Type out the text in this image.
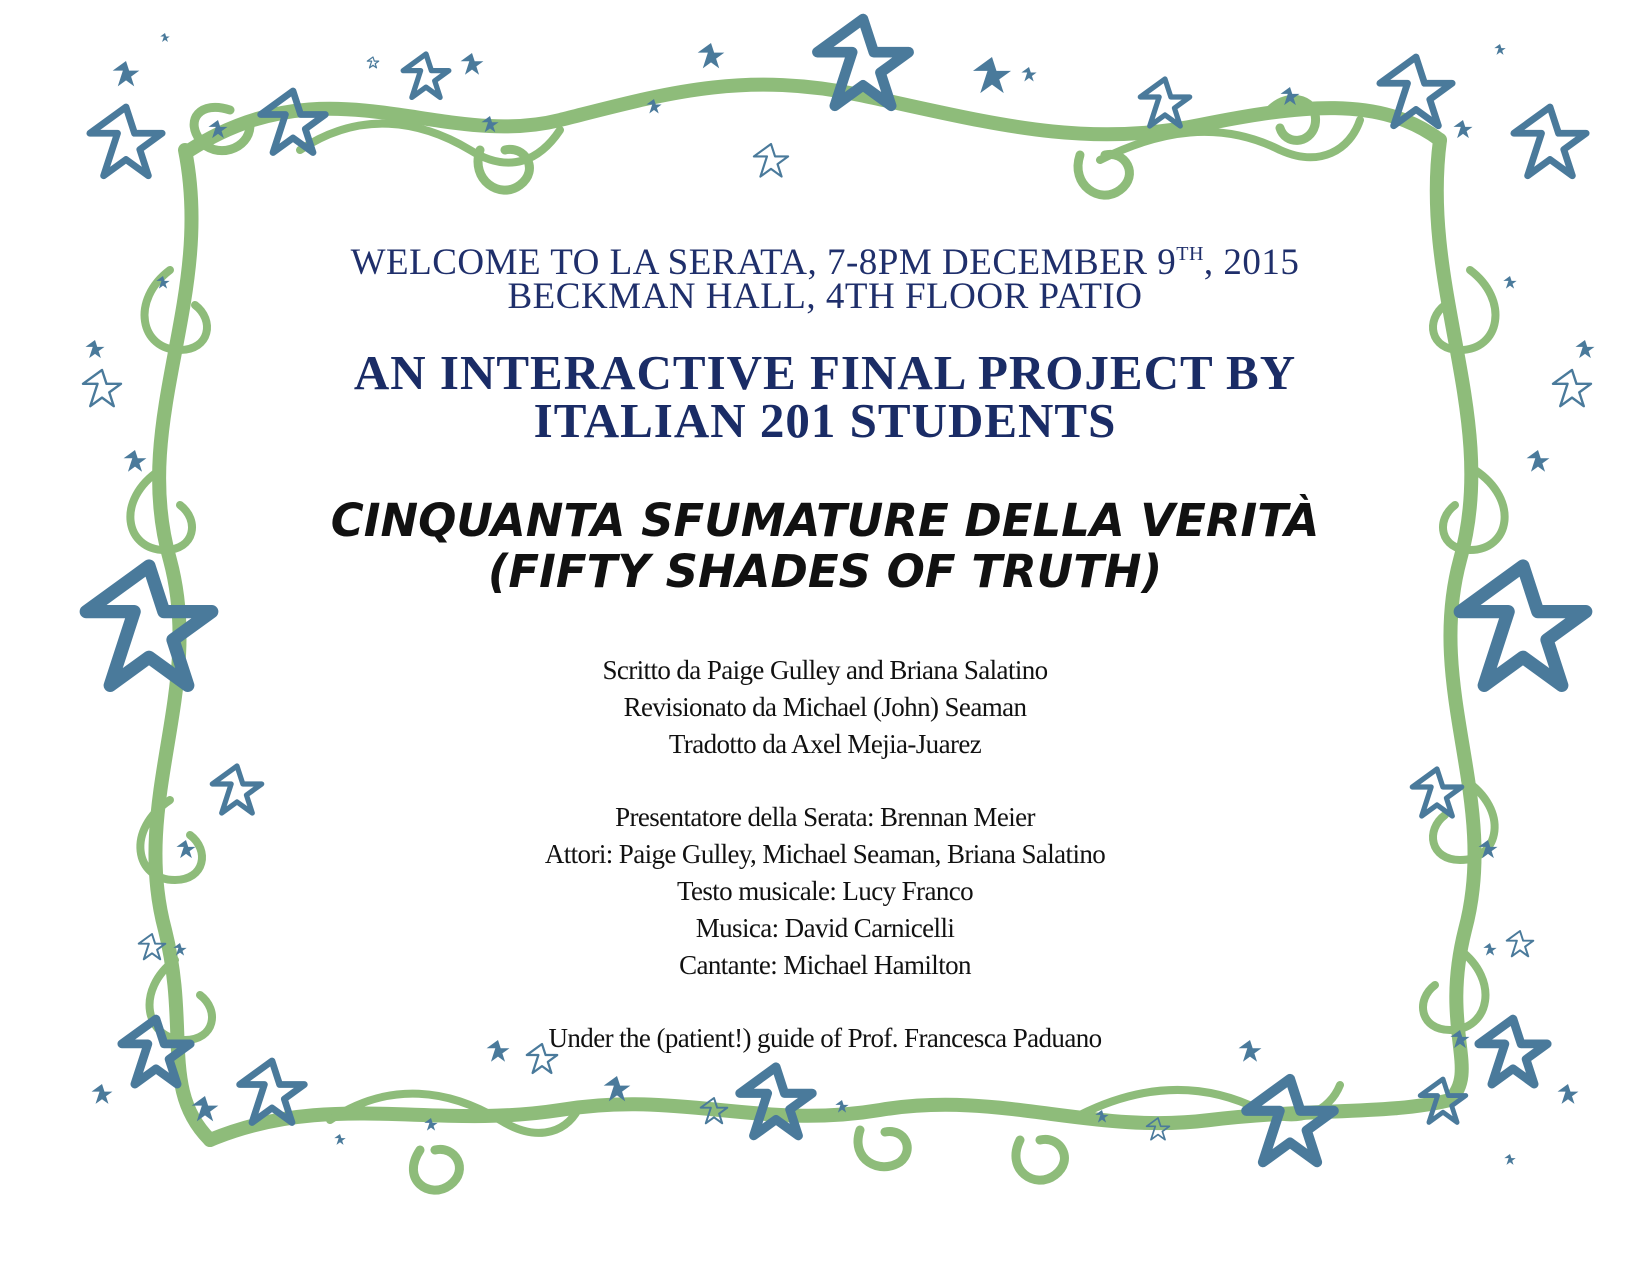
WELCOME TO LA SERATA, 7-8PM DECEMBER 9TH, 2015
BECKMAN HALL, 4TH FLOOR PATIO
AN INTERACTIVE FINAL PROJECT BY
ITALIAN 201 STUDENTS
CINQUANTA SFUMATURE DELLA VERITÀ
(FIFTY SHADES OF TRUTH)
Scritto da Paige Gulley and Briana Salatino
Revisionato da Michael (John) Seaman
Tradotto da Axel Mejia-Juarez
Presentatore della Serata: Brennan Meier
Attori: Paige Gulley, Michael Seaman, Briana Salatino
Testo musicale: Lucy Franco
Musica: David Carnicelli
Cantante: Michael Hamilton
Under the (patient!) guide of Prof. Francesca Paduano
